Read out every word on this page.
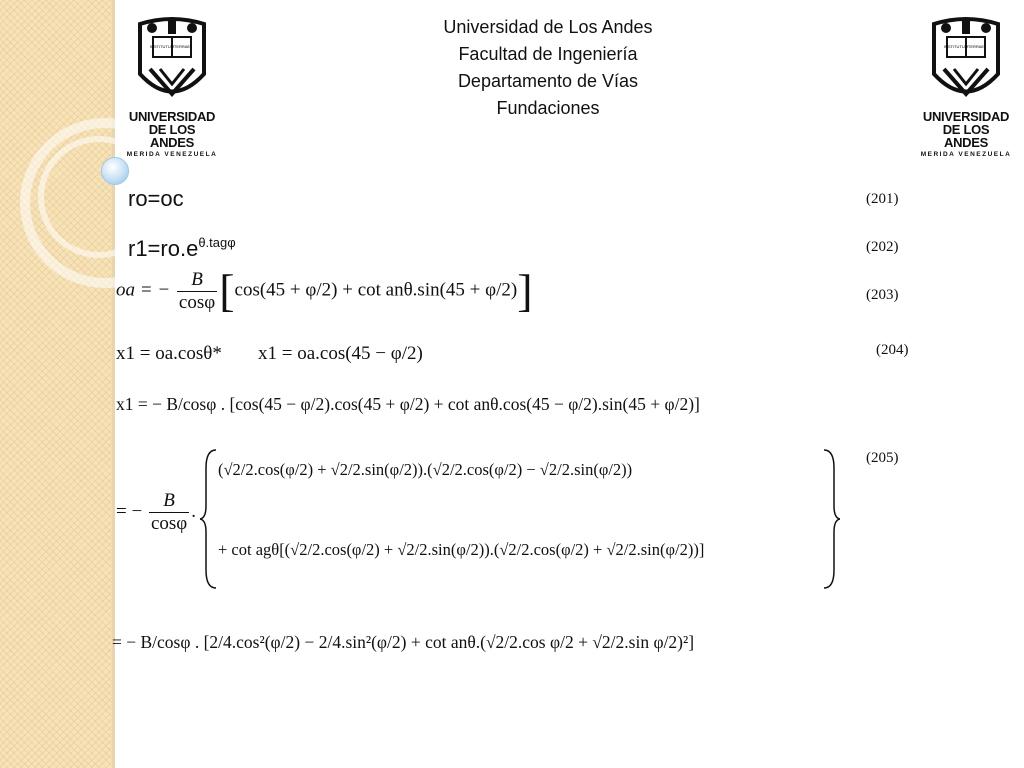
INSTITUTUM TERRAE
UNIVERSIDAD
DE LOS ANDES
MERIDA VENEZUELA
INSTITUTUM TERRAE
UNIVERSIDAD
DE LOS ANDES
MERIDA VENEZUELA
Universidad de Los Andes
Facultad de Ingeniería
Departamento de Vías
Fundaciones
ro=oc	(201)
$r1=ro.e^{\theta.tag\varphi}$	(202)
oa = − $\frac{B}{\cos\varphi} [\cos(45 + \varphi/2) + \cot an\theta.\sin(45 + \varphi/2)]$	(203)
x1 = oa.cosθ* x1 = oa.cos(45 − φ/2)	(204)
x1 = − B/cosφ . [cos(45 − φ/2).cos(45 + φ/2) + cot anθ.cos(45 − φ/2).sin(45 + φ/2)]
= − $\frac{B}{\cos\varphi}$ .
(√2/2.cos(φ/2) + √2/2.sin(φ/2)).(√2/2.cos(φ/2) − √2/2.sin(φ/2))
+ cot agθ[(√2/2.cos(φ/2) + √2/2.sin(φ/2)).(√2/2.cos(φ/2) + √2/2.sin(φ/2))]
(205)
= − B/cosφ . [2/4.cos²(φ/2) − 2/4.sin²(φ/2) + cot anθ.(√2/2.cos φ/2 + √2/2.sin φ/2)²]
